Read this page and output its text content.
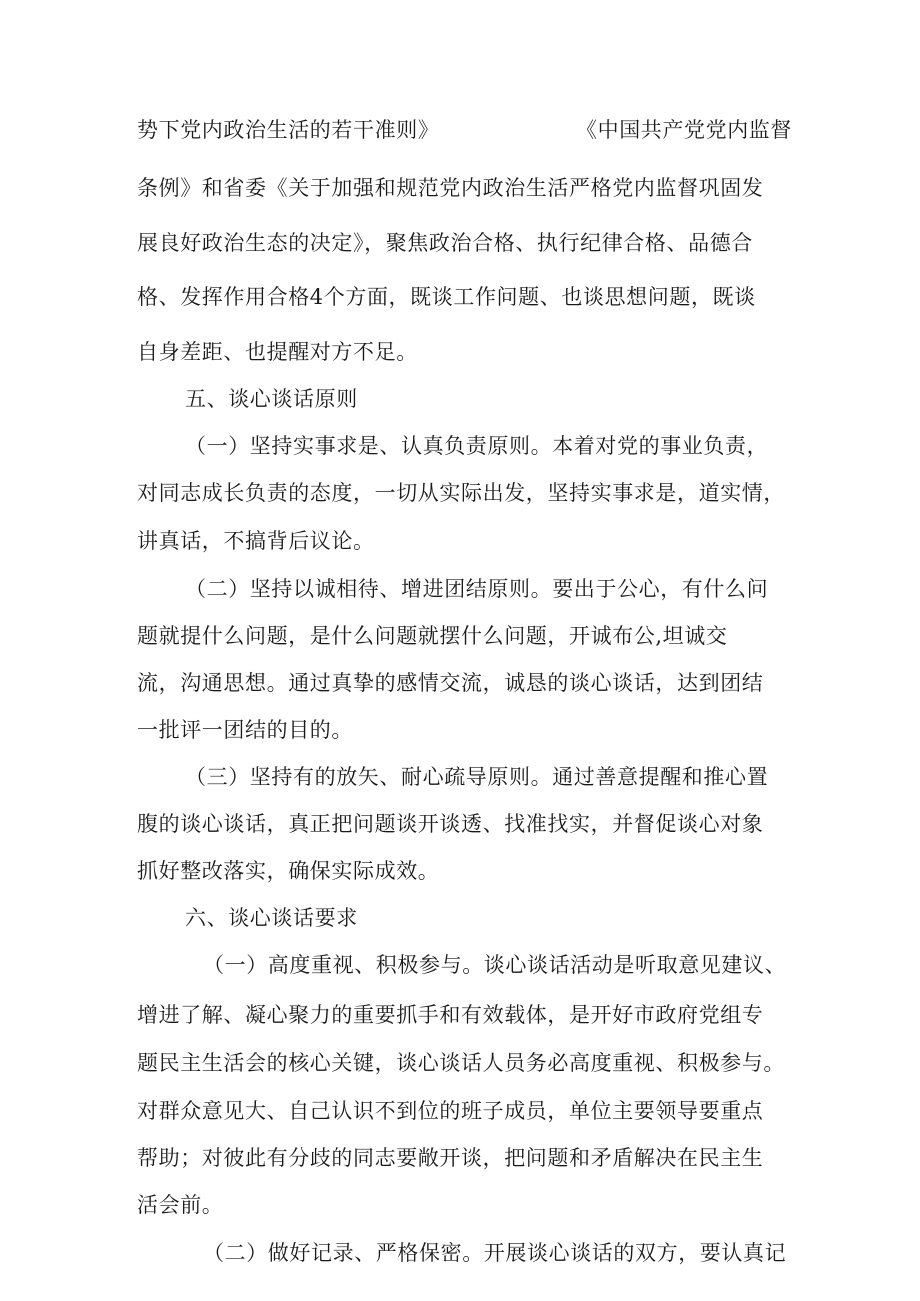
势下党内政治生活的若干准则》	《中国共产党党内监督
条例》和省委《关于加强和规范党内政治生活严格党内监督巩固发
展良好政治生态的决定》，聚焦政治合格、执行纪律合格、品德合
格、发挥作用合格4个方面，既谈工作问题、也谈思想问题，既谈
自身差距、也提醒对方不足。
五、谈心谈话原则
（一）坚持实事求是、认真负责原则。本着对党的事业负责，
对同志成长负责的态度，一切从实际出发，坚持实事求是，道实情，
讲真话，不搞背后议论。
（二）坚持以诚相待、增进团结原则。要出于公心，有什么问
题就提什么问题，是什么问题就摆什么问题，开诚布公,坦诚交
流，沟通思想。通过真挚的感情交流，诚恳的谈心谈话，达到团结
一批评一团结的目的。
（三）坚持有的放矢、耐心疏导原则。通过善意提醒和推心置
腹的谈心谈话，真正把问题谈开谈透、找准找实，并督促谈心对象
抓好整改落实，确保实际成效。
六、谈心谈话要求
（一）高度重视、积极参与。谈心谈话活动是听取意见建议、
增进了解、凝心聚力的重要抓手和有效载体，是开好市政府党组专
题民主生活会的核心关键，谈心谈话人员务必高度重视、积极参与。
对群众意见大、自己认识不到位的班子成员，单位主要领导要重点
帮助；对彼此有分歧的同志要敞开谈，把问题和矛盾解决在民主生
活会前。
（二）做好记录、严格保密。开展谈心谈话的双方，要认真记
